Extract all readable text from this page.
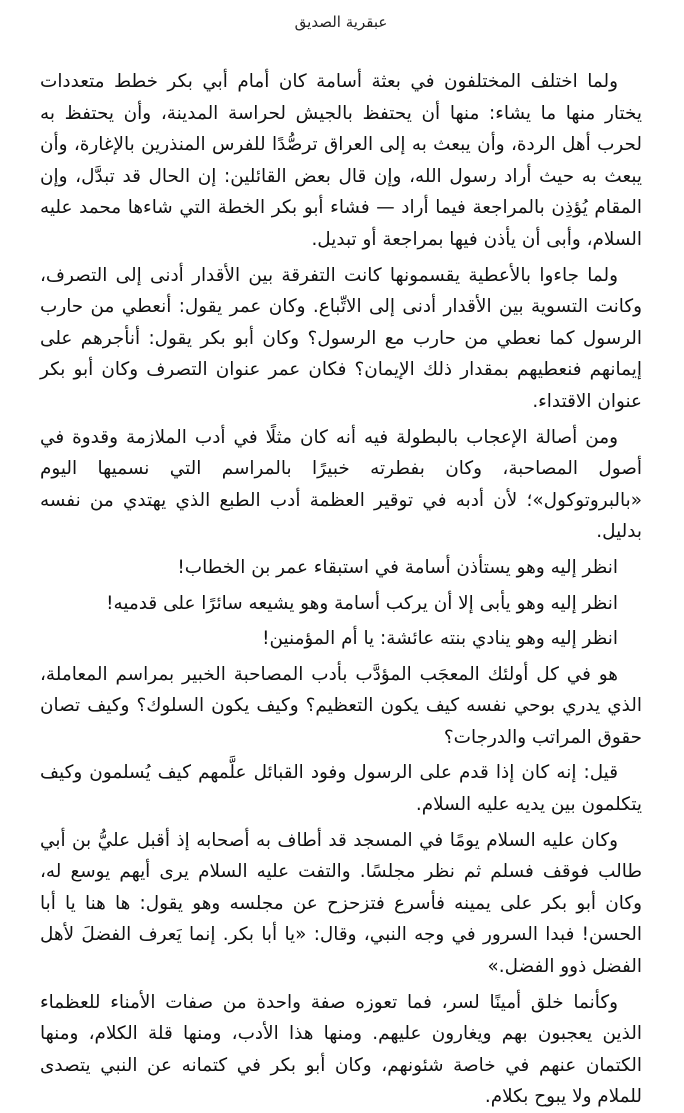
عبقرية الصديق

ولما اختلف المختلفون في بعثة أسامة كان أمام أبي بكر خطط متعددات يختار منها ما يشاء: منها أن يحتفظ بالجيش لحراسة المدينة، وأن يحتفظ به لحرب أهل الردة، وأن يبعث به إلى العراق ترصُّدًا للفرس المنذرين بالإغارة، وأن يبعث به حيث أراد رسول الله، وإن قال بعض القائلين: إن الحال قد تبدَّل، وإن المقام يُؤذِن بالمراجعة فيما أراد — فشاء أبو بكر الخطة التي شاءها محمد عليه السلام، وأبى أن يأذن فيها بمراجعة أو تبديل.

ولما جاءوا بالأعطية يقسمونها كانت التفرقة بين الأقدار أدنى إلى التصرف، وكانت التسوية بين الأقدار أدنى إلى الاتِّباع. وكان عمر يقول: أنعطي من حارب الرسول كما نعطي من حارب مع الرسول؟ وكان أبو بكر يقول: أنأجرهم على إيمانهم فنعطيهم بمقدار ذلك الإيمان؟ فكان عمر عنوان التصرف وكان أبو بكر عنوان الاقتداء.

ومن أصالة الإعجاب بالبطولة فيه أنه كان مثلًا في أدب الملازمة وقدوة في أصول المصاحبة، وكان بفطرته خبيرًا بالمراسم التي نسميها اليوم «بالبروتوكول»؛ لأن أدبه في توقير العظمة أدب الطبع الذي يهتدي من نفسه بدليل.

انظر إليه وهو يستأذن أسامة في استبقاء عمر بن الخطاب!

انظر إليه وهو يأبى إلا أن يركب أسامة وهو يشيعه سائرًا على قدميه!

انظر إليه وهو ينادي بنته عائشة: يا أم المؤمنين!

هو في كل أولئك المعجَب المؤدَّب بأدب المصاحبة الخبير بمراسم المعاملة، الذي يدري بوحي نفسه كيف يكون التعظيم؟ وكيف يكون السلوك؟ وكيف تصان حقوق المراتب والدرجات؟

قيل: إنه كان إذا قدم على الرسول وفود القبائل علَّمهم كيف يُسلمون وكيف يتكلمون بين يديه عليه السلام.

وكان عليه السلام يومًا في المسجد قد أطاف به أصحابه إذ أقبل عليُّ بن أبي طالب فوقف فسلم ثم نظر مجلسًا. والتفت عليه السلام يرى أيهم يوسع له، وكان أبو بكر على يمينه فأسرع فتزحزح عن مجلسه وهو يقول: ها هنا يا أبا الحسن! فبدا السرور في وجه النبي، وقال: «يا أبا بكر. إنما يَعرف الفضلَ لأهل الفضل ذوو الفضل.»

وكأنما خلق أمينًا لسر، فما تعوزه صفة واحدة من صفات الأمناء للعظماء الذين يعجبون بهم ويغارون عليهم. ومنها هذا الأدب، ومنها قلة الكلام، ومنها الكتمان عنهم في خاصة شئونهم، وكان أبو بكر في كتمانه عن النبي يتصدى للملام ولا يبوح بكلام.
